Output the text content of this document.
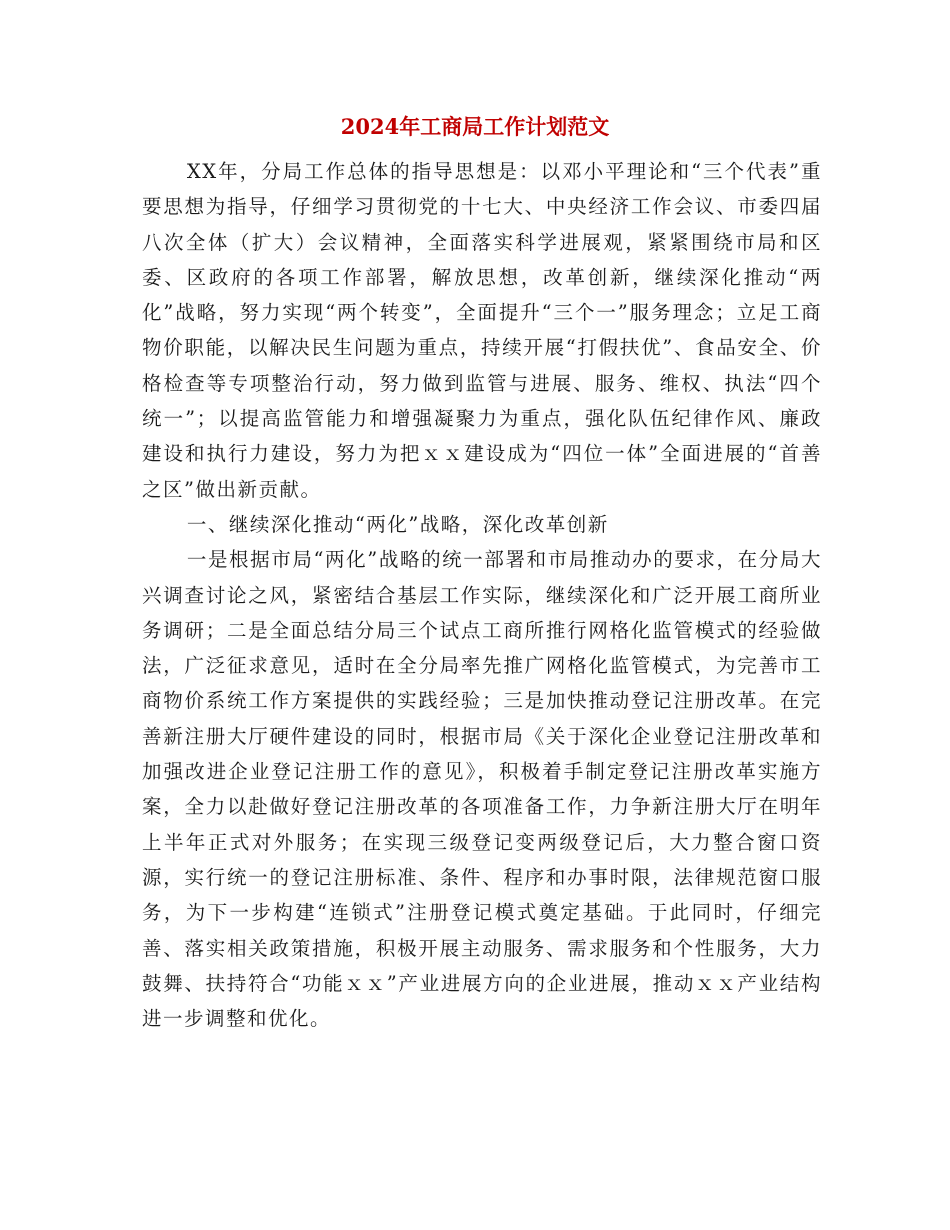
2024年工商局工作计划范文

XX年，分局工作总体的指导思想是：以邓小平理论和“三个代表”重要思想为指导，仔细学习贯彻党的十七大、中央经济工作会议、市委四届八次全体（扩大）会议精神，全面落实科学进展观，紧紧围绕市局和区委、区政府的各项工作部署，解放思想，改革创新，继续深化推动“两化”战略，努力实现“两个转变”，全面提升“三个一”服务理念；立足工商物价职能，以解决民生问题为重点，持续开展“打假扶优”、食品安全、价格检查等专项整治行动，努力做到监管与进展、服务、维权、执法“四个统一”；以提高监管能力和增强凝聚力为重点，强化队伍纪律作风、廉政建设和执行力建设，努力为把ｘｘ建设成为“四位一体”全面进展的“首善之区”做出新贡献。

一、继续深化推动“两化”战略，深化改革创新

一是根据市局“两化”战略的统一部署和市局推动办的要求，在分局大兴调查讨论之风，紧密结合基层工作实际，继续深化和广泛开展工商所业务调研；二是全面总结分局三个试点工商所推行网格化监管模式的经验做法，广泛征求意见，适时在全分局率先推广网格化监管模式，为完善市工商物价系统工作方案提供的实践经验；三是加快推动登记注册改革。在完善新注册大厅硬件建设的同时，根据市局《关于深化企业登记注册改革和加强改进企业登记注册工作的意见》，积极着手制定登记注册改革实施方案，全力以赴做好登记注册改革的各项准备工作，力争新注册大厅在明年上半年正式对外服务；在实现三级登记变两级登记后，大力整合窗口资源，实行统一的登记注册标准、条件、程序和办事时限，法律规范窗口服务，为下一步构建“连锁式”注册登记模式奠定基础。于此同时，仔细完善、落实相关政策措施，积极开展主动服务、需求服务和个性服务，大力鼓舞、扶持符合“功能ｘｘ”产业进展方向的企业进展，推动ｘｘ产业结构进一步调整和优化。
